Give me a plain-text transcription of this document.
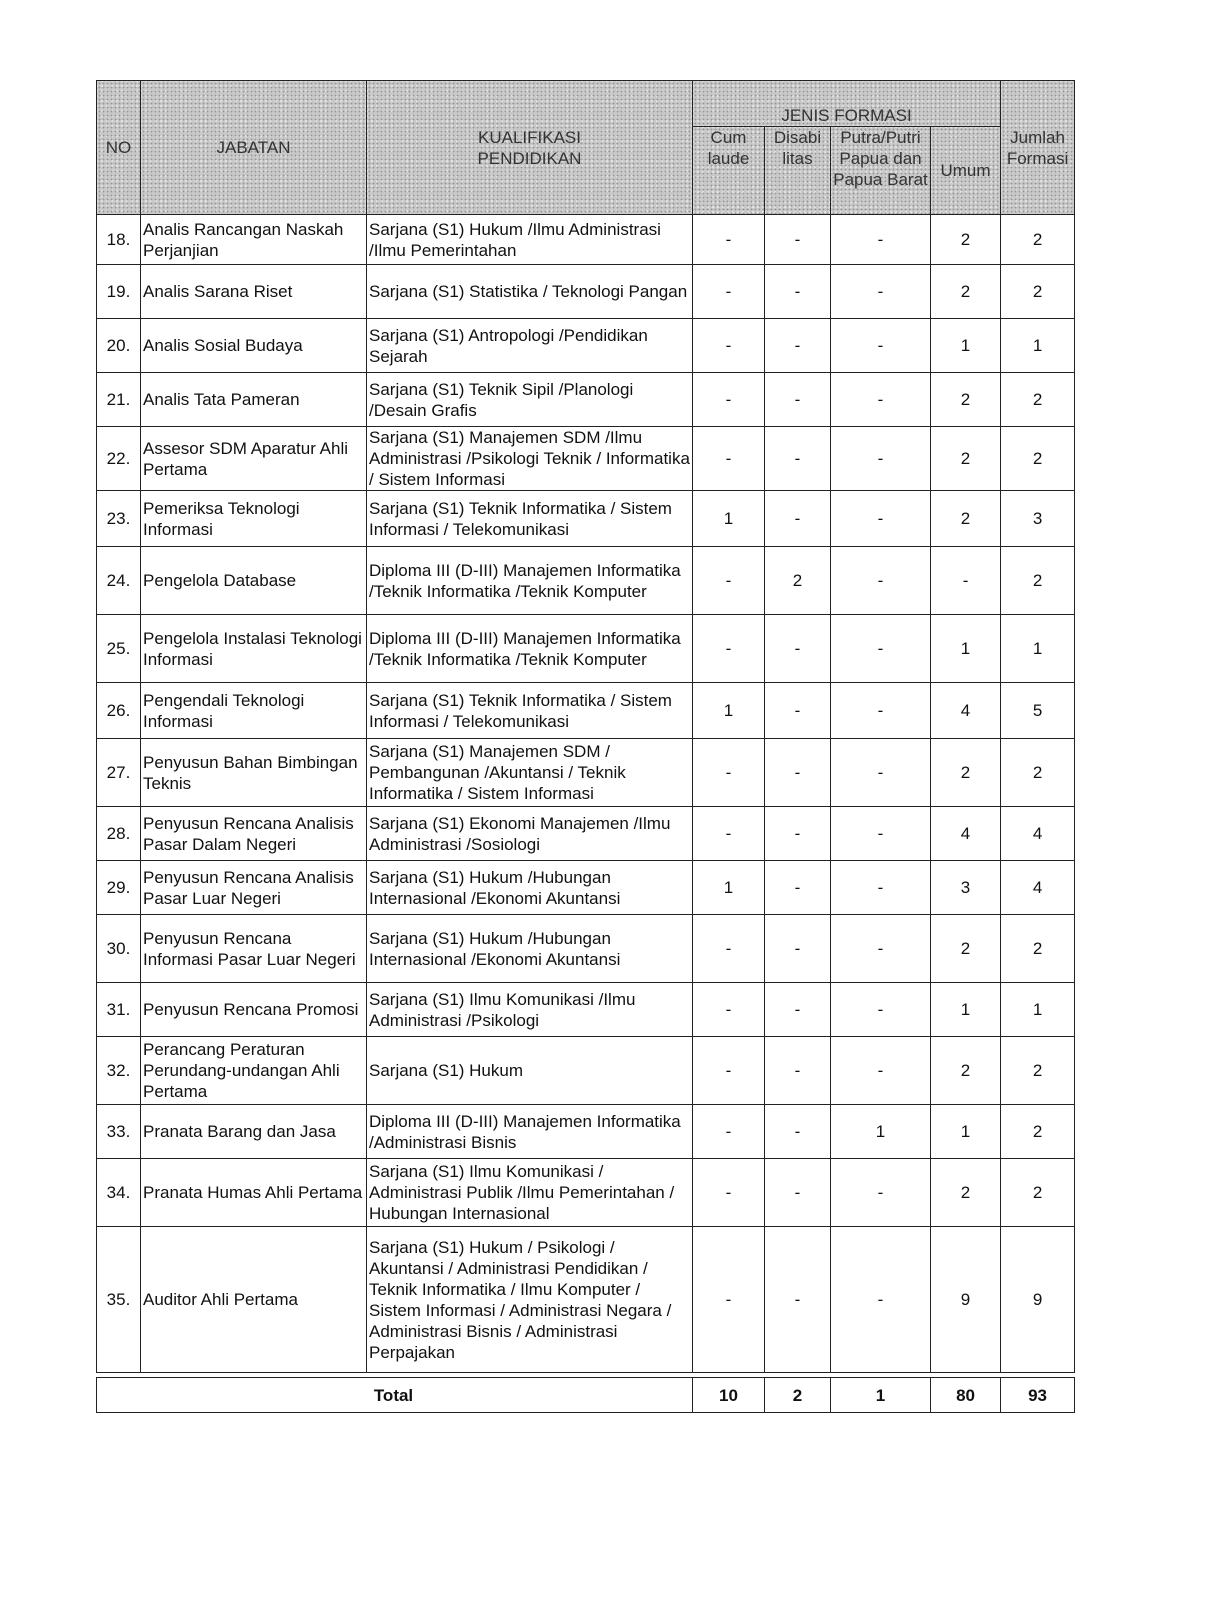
NO	JABATAN	KUALIFIKASI PENDIDIKAN	JENIS FORMASI				Jumlah Formasi
			Cum laude	Disabi litas	Putra/Putri Papua dan Papua Barat	Umum	
18.	Analis Rancangan Naskah Perjanjian	Sarjana (S1) Hukum /Ilmu Administrasi /Ilmu Pemerintahan	-	-	-	2	2
19.	Analis Sarana Riset	Sarjana (S1) Statistika / Teknologi Pangan	-	-	-	2	2
20.	Analis Sosial Budaya	Sarjana (S1) Antropologi /Pendidikan Sejarah	-	-	-	1	1
21.	Analis Tata Pameran	Sarjana (S1) Teknik Sipil /Planologi /Desain Grafis	-	-	-	2	2
22.	Assesor SDM Aparatur Ahli Pertama	Sarjana (S1) Manajemen SDM /Ilmu Administrasi /Psikologi Teknik / Informatika / Sistem Informasi	-	-	-	2	2
23.	Pemeriksa Teknologi Informasi	Sarjana (S1) Teknik Informatika / Sistem Informasi / Telekomunikasi	1	-	-	2	3
24.	Pengelola Database	Diploma III (D-III) Manajemen Informatika /Teknik Informatika /Teknik Komputer	-	2	-	-	2
25.	Pengelola Instalasi Teknologi Informasi	Diploma III (D-III) Manajemen Informatika /Teknik Informatika /Teknik Komputer	-	-	-	1	1
26.	Pengendali Teknologi Informasi	Sarjana (S1) Teknik Informatika / Sistem Informasi / Telekomunikasi	1	-	-	4	5
27.	Penyusun Bahan Bimbingan Teknis	Sarjana (S1) Manajemen SDM / Pembangunan /Akuntansi / Teknik Informatika / Sistem Informasi	-	-	-	2	2
28.	Penyusun Rencana Analisis Pasar Dalam Negeri	Sarjana (S1) Ekonomi Manajemen /Ilmu Administrasi /Sosiologi	-	-	-	4	4
29.	Penyusun Rencana Analisis Pasar Luar Negeri	Sarjana (S1) Hukum /Hubungan Internasional /Ekonomi Akuntansi	1	-	-	3	4
30.	Penyusun Rencana Informasi Pasar Luar Negeri	Sarjana (S1) Hukum /Hubungan Internasional /Ekonomi Akuntansi	-	-	-	2	2
31.	Penyusun Rencana Promosi	Sarjana (S1) Ilmu Komunikasi /Ilmu Administrasi /Psikologi	-	-	-	1	1
32.	Perancang Peraturan Perundang-undangan Ahli Pertama	Sarjana (S1) Hukum	-	-	-	2	2
33.	Pranata Barang dan Jasa	Diploma III (D-III) Manajemen Informatika /Administrasi Bisnis	-	-	1	1	2
34.	Pranata Humas Ahli Pertama	Sarjana (S1) Ilmu Komunikasi / Administrasi Publik /Ilmu Pemerintahan / Hubungan Internasional	-	-	-	2	2
35.	Auditor Ahli Pertama	Sarjana (S1) Hukum / Psikologi / Akuntansi / Administrasi Pendidikan / Teknik Informatika / Ilmu Komputer / Sistem Informasi / Administrasi Negara / Administrasi Bisnis / Administrasi Perpajakan	-	-	-	9	9

Total			10	2	1	80	93
